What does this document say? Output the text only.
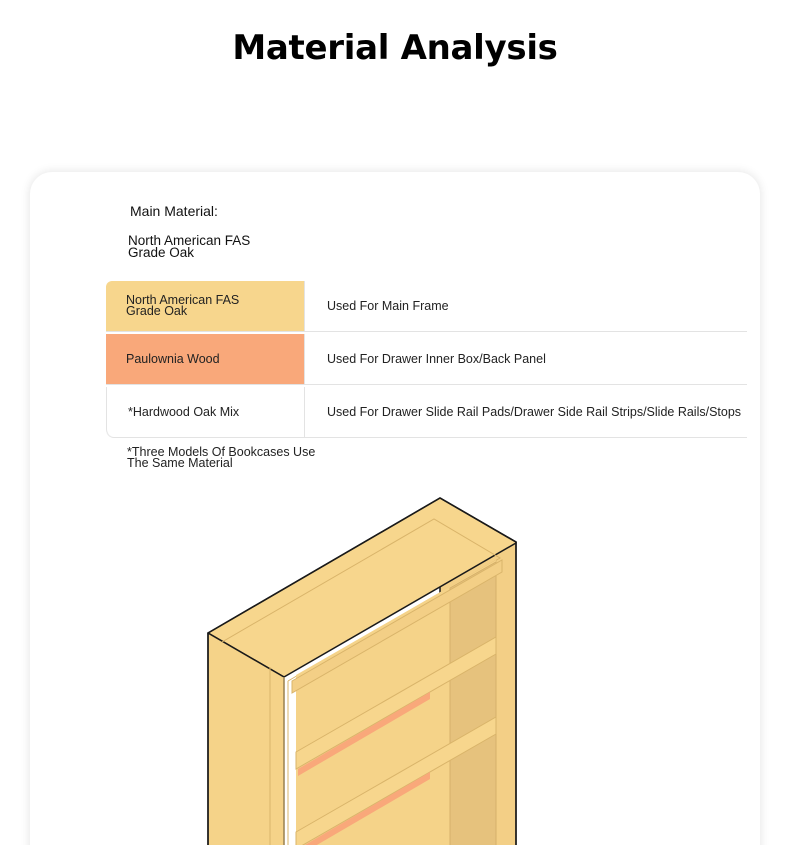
Material Analysis
Main Material:
North American FAS Grade Oak
North American FAS Grade Oak	Used For Main Frame
Paulownia Wood	Used For Drawer Inner Box/Back Panel
*Hardwood Oak Mix	Used For Drawer Slide Rail Pads/Drawer Side Rail Strips/Slide Rails/Stops
*Three Models Of Bookcases Use The Same Material
